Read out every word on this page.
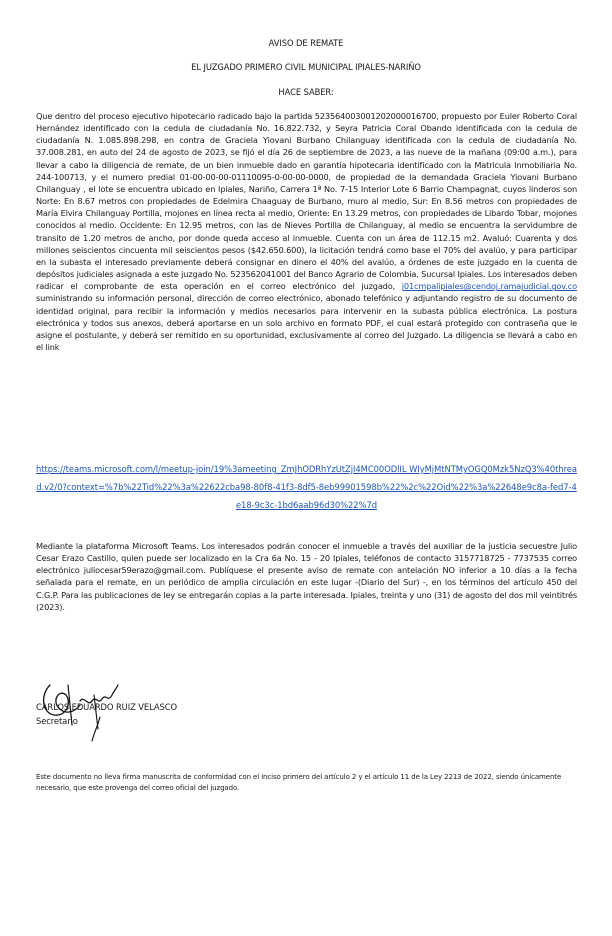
AVISO DE REMATE
EL JUZGADO PRIMERO CIVIL MUNICIPAL IPIALES-NARIÑO
HACE SABER:
Que dentro del proceso ejecutivo hipotecario radicado bajo la partida 523564003001202000016700, propuesto por Euler Roberto Coral Hernández identificado con la cedula de ciudadanía No. 16.822.732, y Seyra Patricia Coral Obando identificada con la cedula de ciudadanía N. 1.085.898.298, en contra de Graciela Yiovani Burbano Chilanguay identificada con la cedula de ciudadanía No. 37.008.281, en auto del 24 de agosto de 2023, se fijó el día 26 de septiembre de 2023, a las nueve de la mañana (09:00 a.m.), para llevar a cabo la diligencia de remate, de un bien inmueble dado en garantía hipotecaria identificado con la Matricula Inmobiliaria No. 244-100713, y el numero predial 01-00-00-00-01110095-0-00-00-0000, de propiedad de la demandada Graciela Yiovani Burbano Chilanguay , el lote se encuentra ubicado en Ipiales, Nariño, Carrera 1ª No. 7-15 Interior Lote 6 Barrio Champagnat, cuyos linderos son Norte: En 8.67 metros con propiedades de Edelmira Chaaguay de Burbano, muro al medio, Sur: En 8.56 metros con propiedades de María Elvira Chilanguay Portilla, mojones en línea recta al medio, Oriente: En 13.29 metros, con propiedades de Libardo Tobar, mojones conocidos al medio. Occidente: En 12.95 metros, con las de Nieves Portilla de Chilanguay, al medio se encuentra la servidumbre de transito de 1.20 metros de ancho, por donde queda acceso al inmueble. Cuenta con un área de 112.15 m2. Avaluó: Cuarenta y dos millones seiscientos cincuenta mil seiscientos pesos ($42.650.600), la licitación tendrá como base el 70% del avalúo, y para participar en la subasta el interesado previamente deberá consignar en dinero el 40% del avalúo, a órdenes de este juzgado en la cuenta de depósitos judiciales asignada a este juzgado No. 523562041001 del Banco Agrario de Colombia, Sucursal Ipiales. Los interesados deben radicar el comprobante de esta operación en el correo electrónico del juzgado, j01cmpalipiales@cendoj.ramajudicial.gov.co suministrando su información personal, dirección de correo electrónico, abonado telefónico y adjuntando registro de su documento de identidad original, para recibir la información y medios necesarios para intervenir en la subasta pública electrónica. La postura electrónica y todos sus anexos, deberá aportarse en un solo archivo en formato PDF, el cual estará protegido con contraseña que le asigne el postulante, y deberá ser remitido en su oportunidad, exclusivamente al correo del Juzgado. La diligencia se llevará a cabo en el link
https://teams.microsoft.com/l/meetup-join/19%3ameeting_ZmJhODRhYzUtZjI4MC00ODlIL WIyMjMtNTMyOGQ0Mzk5NzQ3%40thread.v2/0?context=%7b%22Tid%22%3a%22622cba98-80f8-41f3-8df5-8eb99901598b%22%2c%22Oid%22%3a%22648e9c8a-fed7-4e18-9c3c-1bd6aab96d30%22%7d
Mediante la plataforma Microsoft Teams. Los interesados podrán conocer el inmueble a través del auxiliar de la justicia secuestre Julio Cesar Erazo Castillo, quien puede ser localizado en la Cra 6a No. 15 - 20 Ipiales, teléfonos de contacto 3157718725 - 7737535 correo electrónico juliocesar59erazo@gmail.com. Publíquese el presente aviso de remate con antelación NO inferior a 10 días a la fecha señalada para el remate, en un periódico de amplia circulación en este lugar -(Diario del Sur) -, en los términos del artículo 450 del C.G.P. Para las publicaciones de ley se entregarán copias a la parte interesada. Ipiales, treinta y uno (31) de agosto del dos mil veintitrés (2023).
CARLOS EDUARDO RUIZ VELASCO
Secretario
Este documento no lleva firma manuscrita de conformidad con el inciso primero del artículo 2 y el artículo 11 de la Ley 2213 de 2022, siendo únicamente necesario, que este provenga del correo oficial del juzgado.
